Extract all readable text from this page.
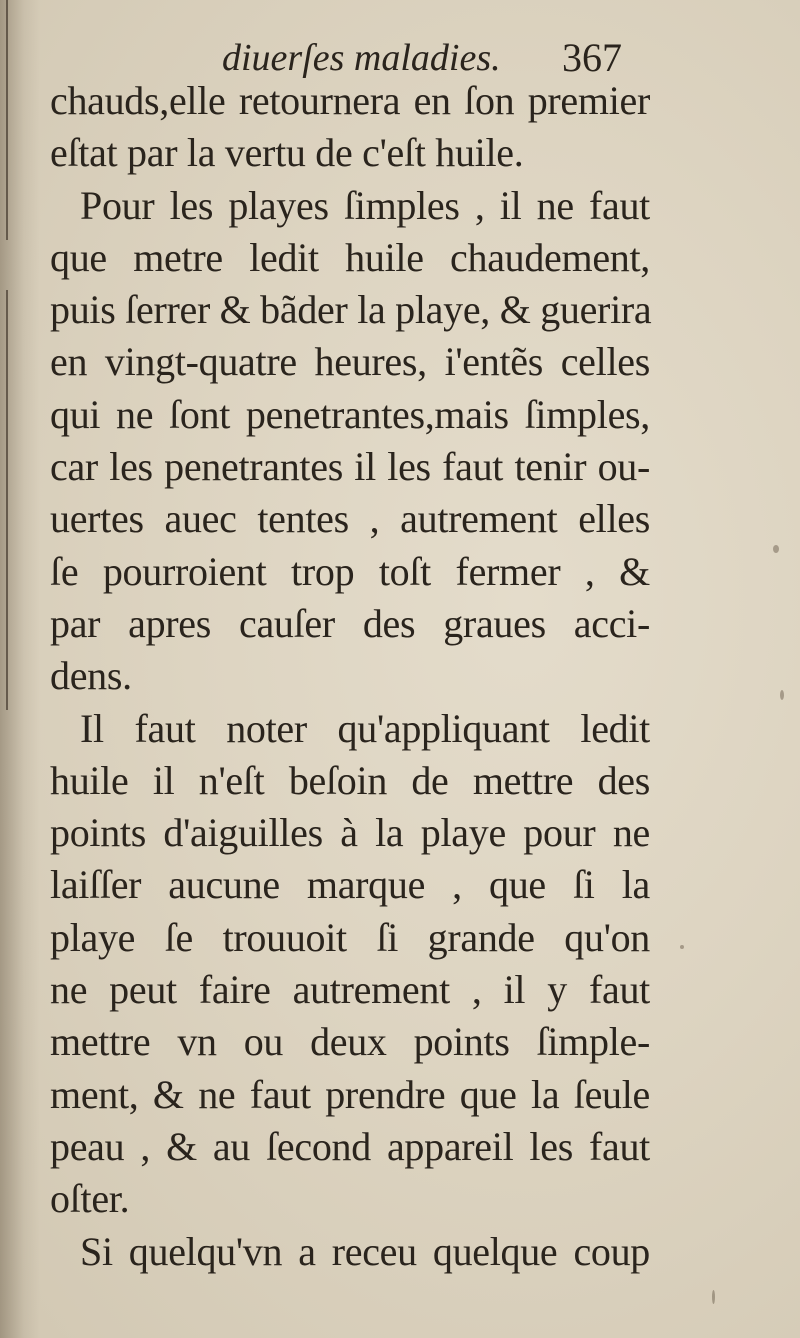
diuerſes maladies. 367
chauds,elle retournera en ſon premier
eſtat par la vertu de c'eſt huile.
Pour les playes ſimples , il ne faut
que metre ledit huile chaudement,
puis ſerrer & bãder la playe, & guerira
en vingt-quatre heures, i'entẽs celles
qui ne ſont penetrantes,mais ſimples,
car les penetrantes il les faut tenir ou-
uertes auec tentes , autrement elles
ſe pourroient trop toſt fermer , &
par apres cauſer des graues acci-
dens.
Il faut noter qu'appliquant ledit
huile il n'eſt beſoin de mettre des
points d'aiguilles à la playe pour ne
laiſſer aucune marque , que ſi la
playe ſe trouuoit ſi grande qu'on
ne peut faire autrement , il y faut
mettre vn ou deux points ſimple-
ment, & ne faut prendre que la ſeule
peau , & au ſecond appareil les faut
oſter.
Si quelqu'vn a receu quelque coup
